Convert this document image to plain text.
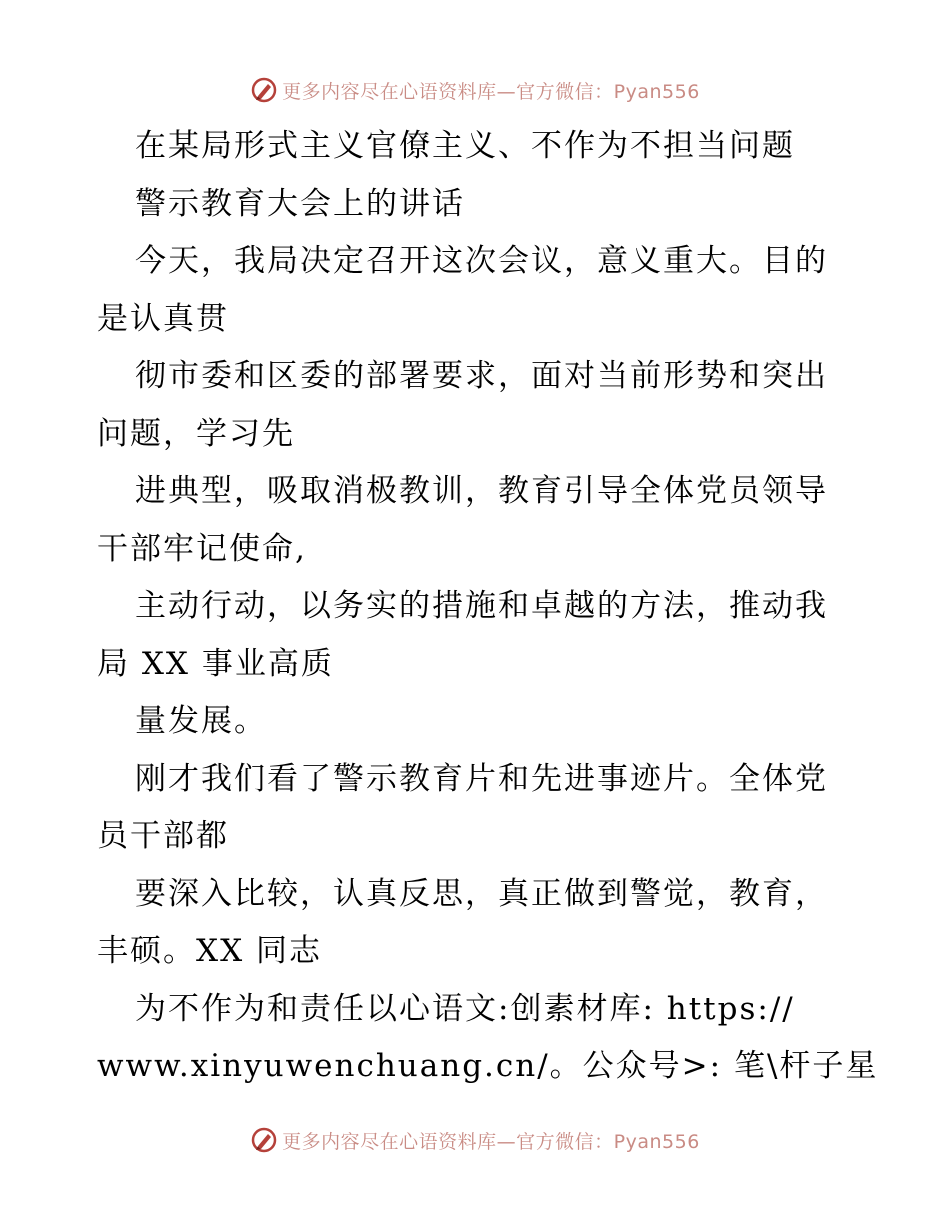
更多内容尽在心语资料库—官方微信：Pyan556
在某局形式主义官僚主义、不作为不担当问题
警示教育大会上的讲话
今天，我局决定召开这次会议，意义重大。目的
是认真贯
彻市委和区委的部署要求，面对当前形势和突出
问题，学习先
进典型，吸取消极教训，教育引导全体党员领导
干部牢记使命,
主动行动，以务实的措施和卓越的方法，推动我
局 XX 事业高质
量发展。
刚才我们看了警示教育片和先进事迹片。全体党
员干部都
要深入比较，认真反思，真正做到警觉，教育，
丰硕。XX 同志
为不作为和责任以心语文:创素材库: https://
www.xinyuwenchuang.cn/。公众号>: 笔\杆子星
更多内容尽在心语资料库—官方微信：Pyan556
